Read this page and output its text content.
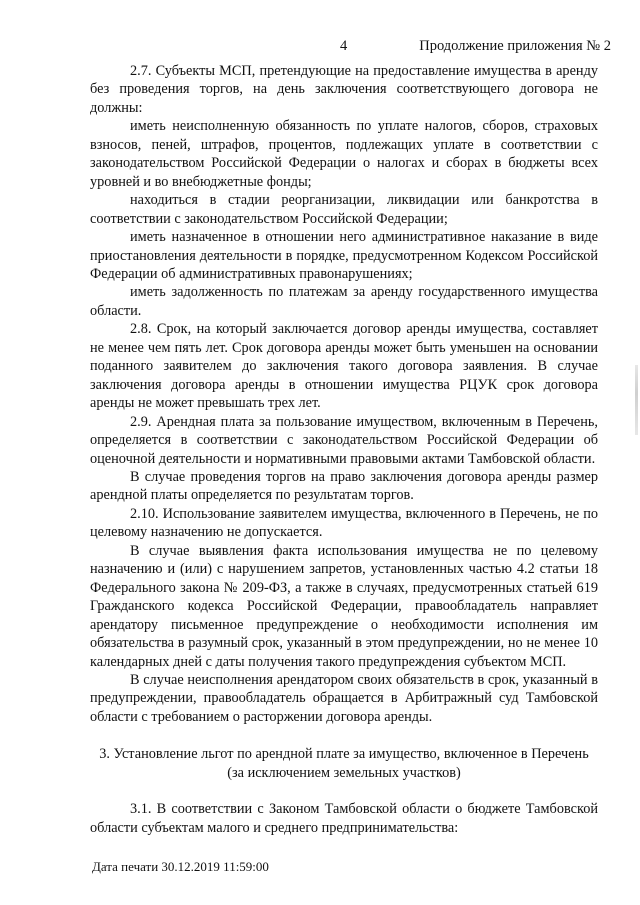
4	Продолжение приложения № 2

2.7. Субъекты МСП, претендующие на предоставление имущества в аренду без проведения торгов, на день заключения соответствующего договора не должны:

иметь неисполненную обязанность по уплате налогов, сборов, страховых взносов, пеней, штрафов, процентов, подлежащих уплате в соответствии с законодательством Российской Федерации о налогах и сборах в бюджеты всех уровней и во внебюджетные фонды;

находиться в стадии реорганизации, ликвидации или банкротства в соответствии с законодательством Российской Федерации;

иметь назначенное в отношении него административное наказание в виде приостановления деятельности в порядке, предусмотренном Кодексом Российской Федерации об административных правонарушениях;

иметь задолженность по платежам за аренду государственного имущества области.

2.8. Срок, на который заключается договор аренды имущества, составляет не менее чем пять лет. Срок договора аренды может быть уменьшен на основании поданного заявителем до заключения такого договора заявления. В случае заключения договора аренды в отношении имущества РЦУК срок договора аренды не может превышать трех лет.

2.9. Арендная плата за пользование имуществом, включенным в Перечень, определяется в соответствии с законодательством Российской Федерации об оценочной деятельности и нормативными правовыми актами Тамбовской области.

В случае проведения торгов на право заключения договора аренды размер арендной платы определяется по результатам торгов.

2.10. Использование заявителем имущества, включенного в Перечень, не по целевому назначению не допускается.

В случае выявления факта использования имущества не по целевому назначению и (или) с нарушением запретов, установленных частью 4.2 статьи 18 Федерального закона № 209-ФЗ, а также в случаях, предусмотренных статьей 619 Гражданского кодекса Российской Федерации, правообладатель направляет арендатору письменное предупреждение о необходимости исполнения им обязательства в разумный срок, указанный в этом предупреждении, но не менее 10 календарных дней с даты получения такого предупреждения субъектом МСП.

В случае неисполнения арендатором своих обязательств в срок, указанный в предупреждении, правообладатель обращается в Арбитражный суд Тамбовской области с требованием о расторжении договора аренды.

3. Установление льгот по арендной плате за имущество, включенное в Перечень (за исключением земельных участков)

3.1. В соответствии с Законом Тамбовской области о бюджете Тамбовской области субъектам малого и среднего предпринимательства:

Дата печати 30.12.2019 11:59:00
